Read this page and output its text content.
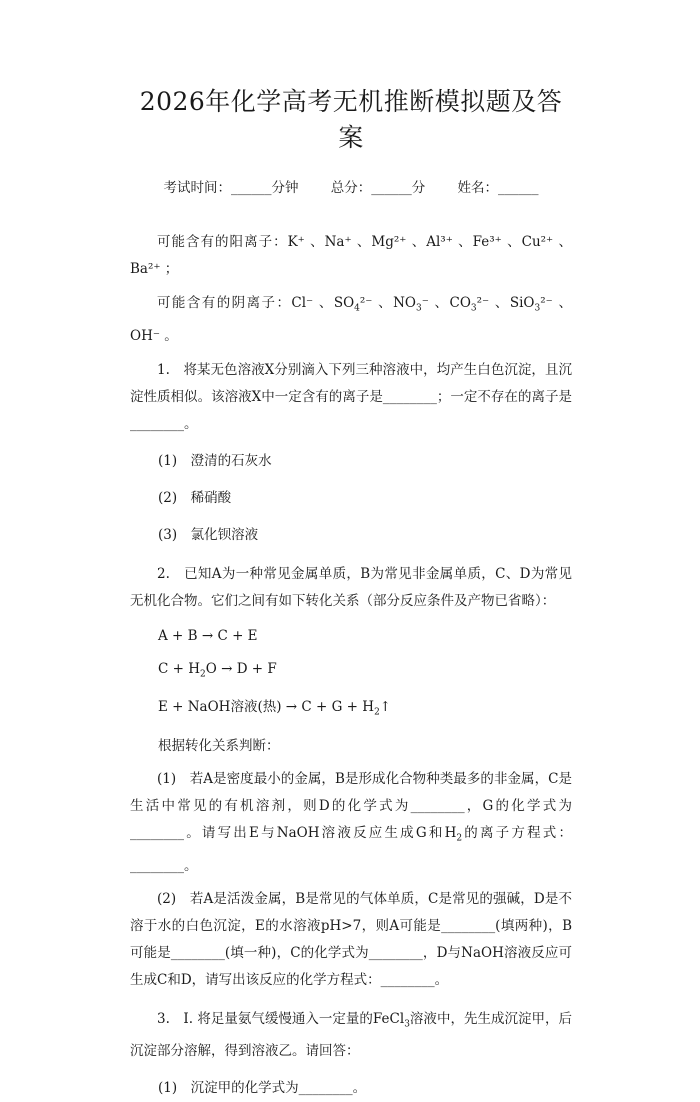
2026年化学高考无机推断模拟题及答案
考试时间：______分钟 总分：______分 姓名：______

可能含有的阳离子：K⁺ 、Na⁺ 、Mg²⁺ 、Al³⁺ 、Fe³⁺ 、Cu²⁺ 、Ba²⁺ ；

可能含有的阴离子：Cl⁻ 、$SO_4^{2-}$ 、$NO_3^-$ 、$CO_3^{2-}$ 、SiO$_3$²⁻ 、OH⁻ 。

1.　将某无色溶液X分别滴入下列三种溶液中，均产生白色沉淀，且沉淀性质相似。该溶液X中一定含有的离子是________；一定不存在的离子是________。

(1)　澄清的石灰水

(2)　稀硝酸

(3)　氯化钡溶液

2.　已知A为一种常见金属单质，B为常见非金属单质，C、D为常见无机化合物。它们之间有如下转化关系（部分反应条件及产物已省略）：

A + B → C + E

$C + H_2O \to D + F$

E + NaOH溶液(热) → $C + G + H_2↑$

根据转化关系判断：

(1)　若A是密度最小的金属，B是形成化合物种类最多的非金属，C是生活中常见的有机溶剂，则D的化学式为________，G的化学式为________。请写出E与NaOH溶液反应生成G和$H_2$的离子方程式：________。

(2)　若A是活泼金属，B是常见的气体单质，C是常见的强碱，D是不溶于水的白色沉淀，E的水溶液pH>7，则A可能是________(填两种)，B可能是________(填一种)，C的化学式为________，D与NaOH溶液反应可生成C和D，请写出该反应的化学方程式：________。

3.　I. 将足量氨气缓慢通入一定量的FeCl$_3$溶液中，先生成沉淀甲，后沉淀部分溶解，得到溶液乙。请回答：

(1)　沉淀甲的化学式为________。
